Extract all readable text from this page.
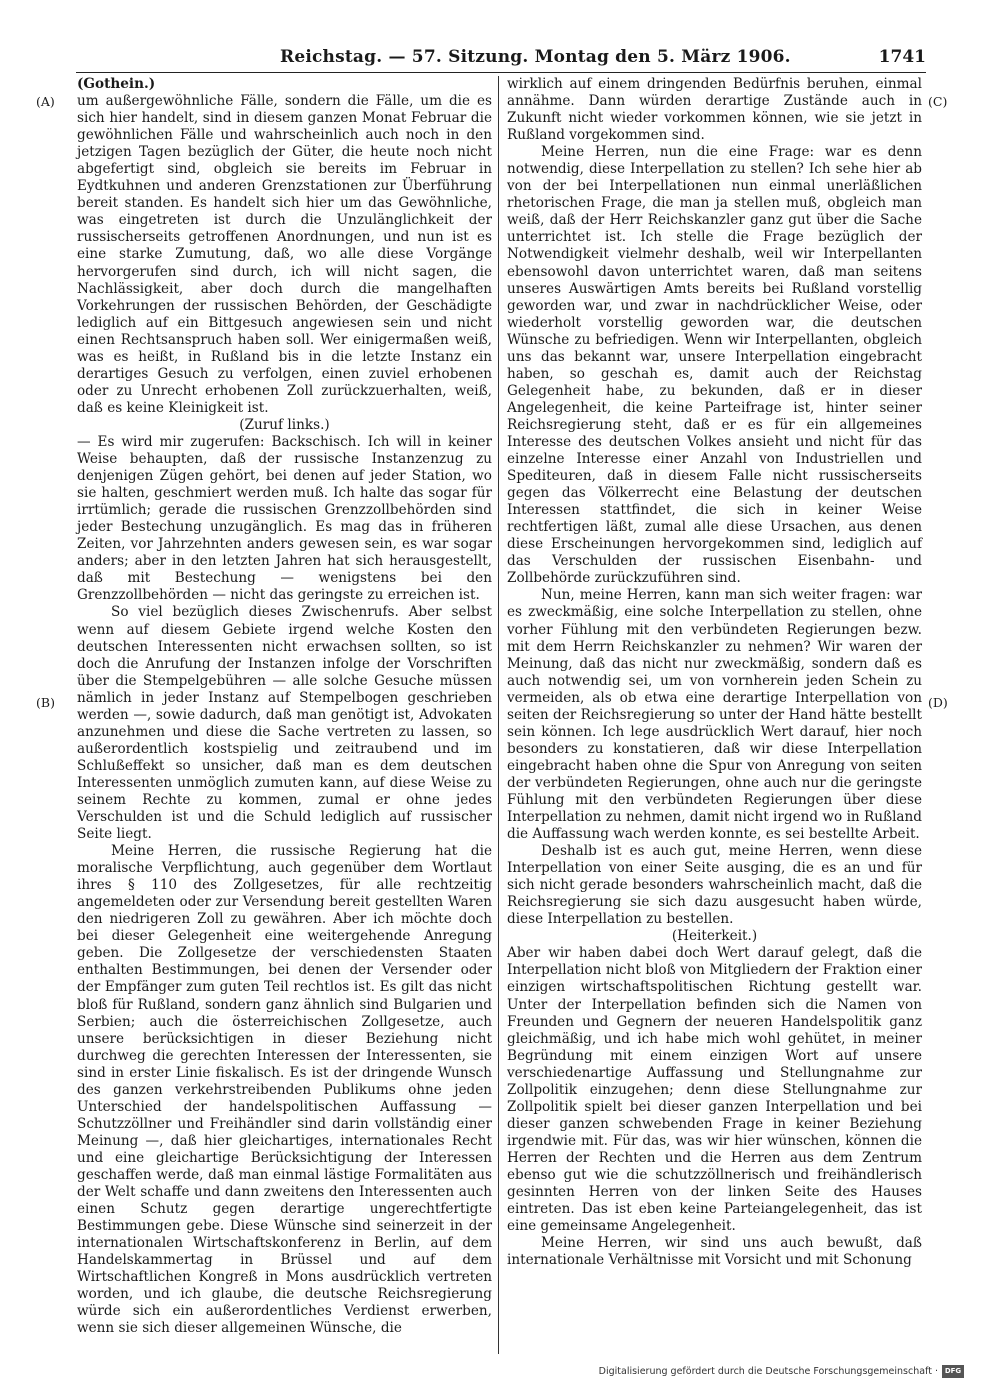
Reichstag. — 57. Sitzung. Montag den 5. März 1906.	1741
(A)
(B)
(C)
(D)

(Gothein.)

um außergewöhnliche Fälle, sondern die Fälle, um die es sich hier handelt, sind in diesem ganzen Monat Februar die gewöhnlichen Fälle und wahrscheinlich auch noch in den jetzigen Tagen bezüglich der Güter, die heute noch nicht abgefertigt sind, obgleich sie bereits im Februar in Eydtkuhnen und anderen Grenzstationen zur Überführung bereit standen. Es handelt sich hier um das Gewöhnliche, was eingetreten ist durch die Unzulänglichkeit der russischerseits getroffenen Anordnungen, und nun ist es eine starke Zumutung, daß, wo alle diese Vorgänge hervorgerufen sind durch, ich will nicht sagen, die Nachlässigkeit, aber doch durch die mangelhaften Vorkehrungen der russischen Behörden, der Geschädigte lediglich auf ein Bittgesuch angewiesen sein und nicht einen Rechtsanspruch haben soll. Wer einigermaßen weiß, was es heißt, in Rußland bis in die letzte Instanz ein derartiges Gesuch zu verfolgen, einen zuviel erhobenen oder zu Unrecht erhobenen Zoll zurückzuerhalten, weiß, daß es keine Kleinigkeit ist.

(Zuruf links.)

— Es wird mir zugerufen: Backschisch. Ich will in keiner Weise behaupten, daß der russische Instanzenzug zu denjenigen Zügen gehört, bei denen auf jeder Station, wo sie halten, geschmiert werden muß. Ich halte das sogar für irrtümlich; gerade die russischen Grenzzollbehörden sind jeder Bestechung unzugänglich. Es mag das in früheren Zeiten, vor Jahrzehnten anders gewesen sein, es war sogar anders; aber in den letzten Jahren hat sich herausgestellt, daß mit Bestechung — wenigstens bei den Grenzzollbehörden — nicht das geringste zu erreichen ist.

So viel bezüglich dieses Zwischenrufs. Aber selbst wenn auf diesem Gebiete irgend welche Kosten den deutschen Interessenten nicht erwachsen sollten, so ist doch die Anrufung der Instanzen infolge der Vorschriften über die Stempelgebühren — alle solche Gesuche müssen nämlich in jeder Instanz auf Stempelbogen geschrieben werden —, sowie dadurch, daß man genötigt ist, Advokaten anzunehmen und diese die Sache vertreten zu lassen, so außerordentlich kostspielig und zeitraubend und im Schlußeffekt so unsicher, daß man es dem deutschen Interessenten unmöglich zumuten kann, auf diese Weise zu seinem Rechte zu kommen, zumal er ohne jedes Verschulden ist und die Schuld lediglich auf russischer Seite liegt.

Meine Herren, die russische Regierung hat die moralische Verpflichtung, auch gegenüber dem Wortlaut ihres § 110 des Zollgesetzes, für alle rechtzeitig angemeldeten oder zur Versendung bereit gestellten Waren den niedrigeren Zoll zu gewähren. Aber ich möchte doch bei dieser Gelegenheit eine weitergehende Anregung geben. Die Zollgesetze der verschiedensten Staaten enthalten Bestimmungen, bei denen der Versender oder der Empfänger zum guten Teil rechtlos ist. Es gilt das nicht bloß für Rußland, sondern ganz ähnlich sind Bulgarien und Serbien; auch die österreichischen Zollgesetze, auch unsere berücksichtigen in dieser Beziehung nicht durchweg die gerechten Interessen der Interessenten, sie sind in erster Linie fiskalisch. Es ist der dringende Wunsch des ganzen verkehrstreibenden Publikums ohne jeden Unterschied der handelspolitischen Auffassung — Schutzzöllner und Freihändler sind darin vollständig einer Meinung —, daß hier gleichartiges, internationales Recht und eine gleichartige Berücksichtigung der Interessen geschaffen werde, daß man einmal lästige Formalitäten aus der Welt schaffe und dann zweitens den Interessenten auch einen Schutz gegen derartige ungerechtfertigte Bestimmungen gebe. Diese Wünsche sind seinerzeit in der internationalen Wirtschaftskonferenz in Berlin, auf dem Handelskammertag in Brüssel und auf dem Wirtschaftlichen Kongreß in Mons ausdrücklich vertreten worden, und ich glaube, die deutsche Reichsregierung würde sich ein außerordentliches Verdienst erwerben, wenn sie sich dieser allgemeinen Wünsche, die

wirklich auf einem dringenden Bedürfnis beruhen, einmal annähme. Dann würden derartige Zustände auch in Zukunft nicht wieder vorkommen können, wie sie jetzt in Rußland vorgekommen sind.

Meine Herren, nun die eine Frage: war es denn notwendig, diese Interpellation zu stellen? Ich sehe hier ab von der bei Interpellationen nun einmal unerläßlichen rhetorischen Frage, die man ja stellen muß, obgleich man weiß, daß der Herr Reichskanzler ganz gut über die Sache unterrichtet ist. Ich stelle die Frage bezüglich der Notwendigkeit vielmehr deshalb, weil wir Interpellanten ebensowohl davon unterrichtet waren, daß man seitens unseres Auswärtigen Amts bereits bei Rußland vorstellig geworden war, und zwar in nachdrücklicher Weise, oder wiederholt vorstellig geworden war, die deutschen Wünsche zu befriedigen. Wenn wir Interpellanten, obgleich uns das bekannt war, unsere Interpellation eingebracht haben, so geschah es, damit auch der Reichstag Gelegenheit habe, zu bekunden, daß er in dieser Angelegenheit, die keine Parteifrage ist, hinter seiner Reichsregierung steht, daß er es für ein allgemeines Interesse des deutschen Volkes ansieht und nicht für das einzelne Interesse einer Anzahl von Industriellen und Spediteuren, daß in diesem Falle nicht russischerseits gegen das Völkerrecht eine Belastung der deutschen Interessen stattfindet, die sich in keiner Weise rechtfertigen läßt, zumal alle diese Ursachen, aus denen diese Erscheinungen hervorgekommen sind, lediglich auf das Verschulden der russischen Eisenbahn- und Zollbehörde zurückzuführen sind.

Nun, meine Herren, kann man sich weiter fragen: war es zweckmäßig, eine solche Interpellation zu stellen, ohne vorher Fühlung mit den verbündeten Regierungen bezw. mit dem Herrn Reichskanzler zu nehmen? Wir waren der Meinung, daß das nicht nur zweckmäßig, sondern daß es auch notwendig sei, um von vornherein jeden Schein zu vermeiden, als ob etwa eine derartige Interpellation von seiten der Reichsregierung so unter der Hand hätte bestellt sein können. Ich lege ausdrücklich Wert darauf, hier noch besonders zu konstatieren, daß wir diese Interpellation eingebracht haben ohne die Spur von Anregung von seiten der verbündeten Regierungen, ohne auch nur die geringste Fühlung mit den verbündeten Regierungen über diese Interpellation zu nehmen, damit nicht irgend wo in Rußland die Auffassung wach werden konnte, es sei bestellte Arbeit.

Deshalb ist es auch gut, meine Herren, wenn diese Interpellation von einer Seite ausging, die es an und für sich nicht gerade besonders wahrscheinlich macht, daß die Reichsregierung sie sich dazu ausgesucht haben würde, diese Interpellation zu bestellen.

(Heiterkeit.)

Aber wir haben dabei doch Wert darauf gelegt, daß die Interpellation nicht bloß von Mitgliedern der Fraktion einer einzigen wirtschaftspolitischen Richtung gestellt war. Unter der Interpellation befinden sich die Namen von Freunden und Gegnern der neueren Handelspolitik ganz gleichmäßig, und ich habe mich wohl gehütet, in meiner Begründung mit einem einzigen Wort auf unsere verschiedenartige Auffassung und Stellungnahme zur Zollpolitik einzugehen; denn diese Stellungnahme zur Zollpolitik spielt bei dieser ganzen Interpellation und bei dieser ganzen schwebenden Frage in keiner Beziehung irgendwie mit. Für das, was wir hier wünschen, können die Herren der Rechten und die Herren aus dem Zentrum ebenso gut wie die schutzzöllnerisch und freihändlerisch gesinnten Herren von der linken Seite des Hauses eintreten. Das ist eben keine Parteiangelegenheit, das ist eine gemeinsame Angelegenheit.

Meine Herren, wir sind uns auch bewußt, daß internationale Verhältnisse mit Vorsicht und mit Schonung

Digitalisierung gefördert durch die Deutsche Forschungsgemeinschaft · DFG
